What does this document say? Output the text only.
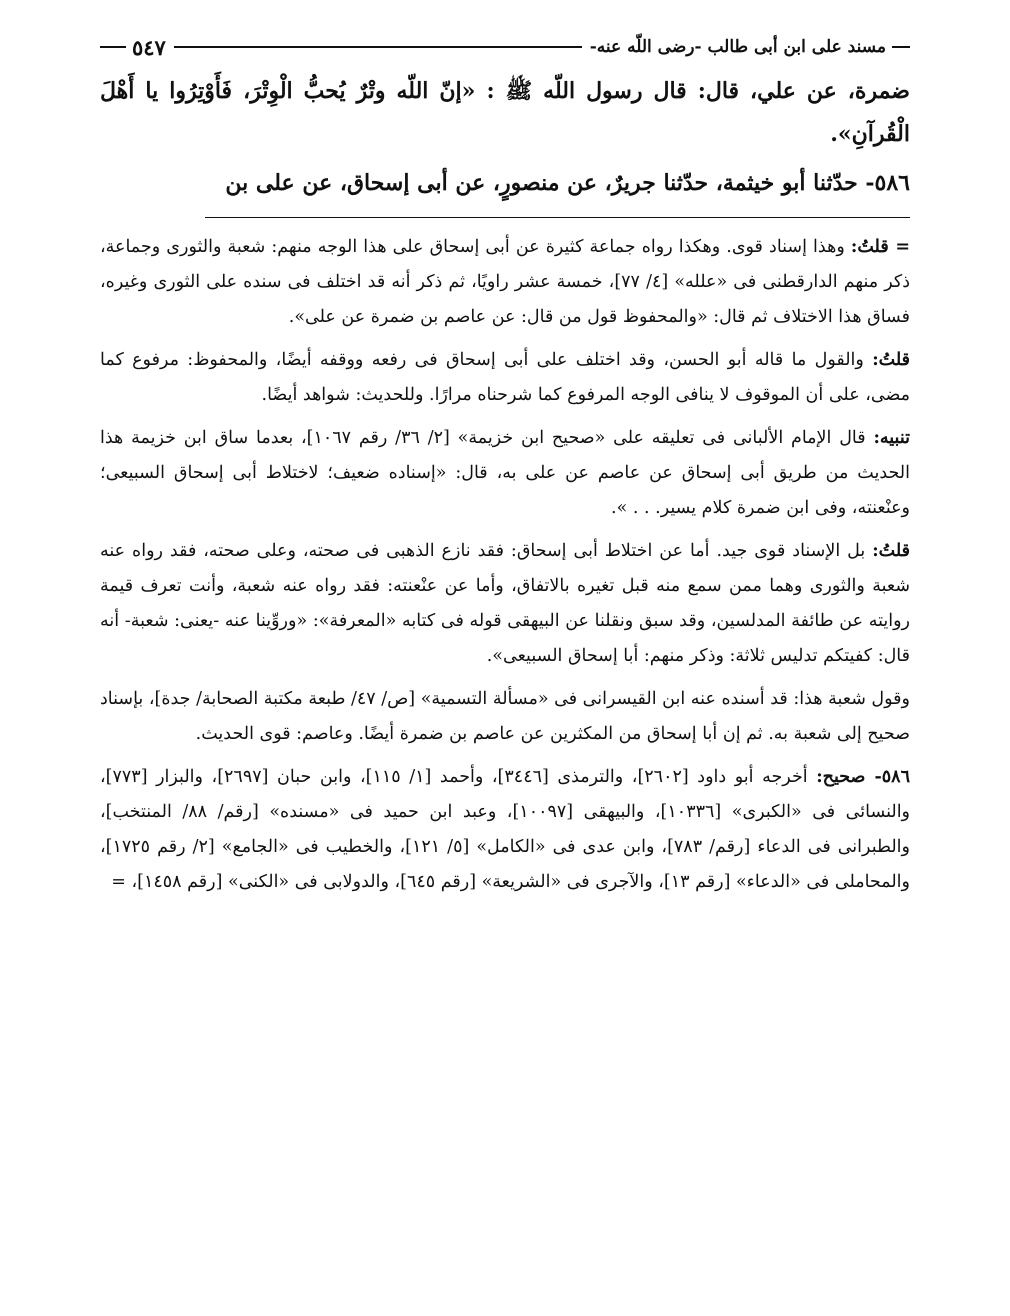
مسند على ابن أبى طالب -رضى اللّه عنه-
٥٤٧

ضمرة، عن علي، قال: قال رسول اللّه ﷺ : «إنّ اللّه وتْرٌ يُحبُّ الْوِتْرَ، فَأَوْتِرُوا يا أَهْلَ الْقُرآنِ».

٥٨٦- حدّثنا أبو خيثمة، حدّثنا جريرٌ، عن منصورٍ، عن أبى إسحاق، عن على بن

= قلتُ: وهذا إسناد قوى. وهكذا رواه جماعة كثيرة عن أبى إسحاق على هذا الوجه منهم: شعبة والثورى وجماعة، ذكر منهم الدارقطنى فى «علله» [٤/ ٧٧]، خمسة عشر راويًا، ثم ذكر أنه قد اختلف فى سنده على الثورى وغيره، فساق هذا الاختلاف ثم قال: «والمحفوظ قول من قال: عن عاصم بن ضمرة عن على».

قلتُ: والقول ما قاله أبو الحسن، وقد اختلف على أبى إسحاق فى رفعه ووقفه أيضًا، والمحفوظ: مرفوع كما مضى، على أن الموقوف لا ينافى الوجه المرفوع كما شرحناه مرارًا. وللحديث: شواهد أيضًا.

تنبيه: قال الإمام الألبانى فى تعليقه على «صحيح ابن خزيمة» [٢/ ٣٦/ رقم ١٠٦٧]، بعدما ساق ابن خزيمة هذا الحديث من طريق أبى إسحاق عن عاصم عن على به، قال: «إسناده ضعيف؛ لاختلاط أبى إسحاق السبيعى؛ وعنْعنته، وفى ابن ضمرة كلام يسير. . . ».

قلتُ: بل الإسناد قوى جيد. أما عن اختلاط أبى إسحاق: فقد نازع الذهبى فى صحته، وعلى صحته، فقد رواه عنه شعبة والثورى وهما ممن سمع منه قبل تغيره بالاتفاق، وأما عن عنْعنته: فقد رواه عنه شعبة، وأنت تعرف قيمة روايته عن طائفة المدلسين، وقد سبق ونقلنا عن البيهقى قوله فى كتابه «المعرفة»: «وروِّينا عنه -يعنى: شعبة- أنه قال: كفيتكم تدليس ثلاثة: وذكر منهم: أبا إسحاق السبيعى».

وقول شعبة هذا: قد أسنده عنه ابن القيسرانى فى «مسألة التسمية» [ص/ ٤٧/ طبعة مكتبة الصحابة/ جدة]، بإسناد صحيح إلى شعبة به. ثم إن أبا إسحاق من المكثرين عن عاصم بن ضمرة أيضًا. وعاصم: قوى الحديث.

٥٨٦- صحيح: أخرجه أبو داود [٢٦٠٢]، والترمذى [٣٤٤٦]، وأحمد [١/ ١١٥]، وابن حبان [٢٦٩٧]، والبزار [٧٧٣]، والنسائى فى «الكبرى» [١٠٣٣٦]، والبيهقى [١٠٠٩٧]، وعبد ابن حميد فى «مسنده» [رقم/ ٨٨/ المنتخب]، والطبرانى فى الدعاء [رقم/ ٧٨٣]، وابن عدى فى «الكامل» [٥/ ١٢١]، والخطيب فى «الجامع» [٢/ رقم ١٧٢٥]، والمحاملى فى «الدعاء» [رقم ١٣]، والآجرى فى «الشريعة» [رقم ٦٤٥]، والدولابى فى «الكنى» [رقم ١٤٥٨]، =
